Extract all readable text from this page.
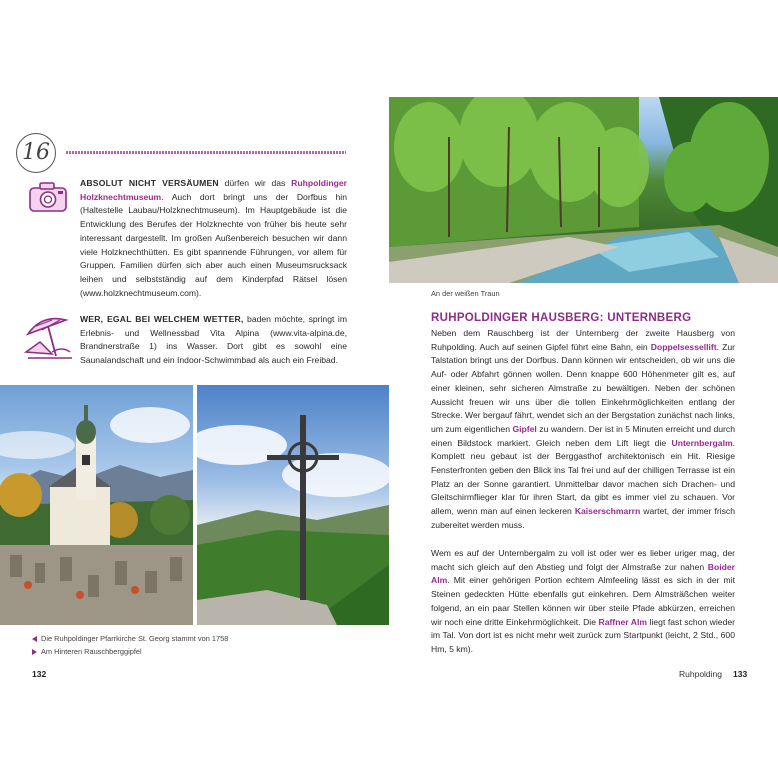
16

ABSOLUT NICHT VERSÄUMEN dürfen wir das Ruhpoldinger Holzknechtmuseum. Auch dort bringt uns der Dorfbus hin (Haltestelle Laubau/Holzknechtmuseum). Im Hauptgebäude ist die Entwicklung des Berufes der Holzknechte von früher bis heute sehr interessant dargestellt. Im großen Außenbereich besuchen wir dann viele Holzknechthütten. Es gibt spannende Führungen, vor allem für Gruppen. Familien dürfen sich aber auch einen Museumsrucksack leihen und selbstständig auf dem Kinderpfad Rätsel lösen (www.holzknechtmuseum.com).

WER, EGAL BEI WELCHEM WETTER, baden möchte, springt im Erlebnis- und Wellnessbad Vita Alpina (www.vita-alpina.de, Brandnerstraße 1) ins Wasser. Dort gibt es sowohl eine Saunalandschaft und ein Indoor-Schwimmbad als auch ein Freibad.

Die Ruhpoldinger Pfarrkirche St. Georg stammt von 1758
Am Hinteren Rauschberggipfel
132
An der weißen Traun
RUHPOLDINGER HAUSBERG: UNTERNBERG

Neben dem Rauschberg ist der Unternberg der zweite Hausberg von Ruhpolding. Auch auf seinen Gipfel führt eine Bahn, ein Doppelsessellift. Zur Talstation bringt uns der Dorfbus. Dann können wir entscheiden, ob wir uns die Auf- oder Abfahrt gönnen wollen. Denn knappe 600 Höhenmeter gilt es, auf einer kleinen, sehr sicheren Almstraße zu bewältigen. Neben der schönen Aussicht freuen wir uns über die tollen Einkehrmöglichkeiten entlang der Strecke. Wer bergauf fährt, wendet sich an der Bergstation zunächst nach links, um zum eigentlichen Gipfel zu wandern. Der ist in 5 Minuten erreicht und durch einen Bildstock markiert. Gleich neben dem Lift liegt die Unternbergalm. Komplett neu gebaut ist der Berggasthof architektonisch ein Hit. Riesige Fensterfronten geben den Blick ins Tal frei und auf der chilligen Terrasse ist ein Platz an der Sonne garantiert. Unmittelbar davor machen sich Drachen- und Gleitschirmflieger klar für ihren Start, da gibt es immer viel zu schauen. Vor allem, wenn man auf einen leckeren Kaiserschmarrn wartet, der immer frisch zubereitet werden muss.

Wem es auf der Unternbergalm zu voll ist oder wer es lieber uriger mag, der macht sich gleich auf den Abstieg und folgt der Almstraße zur nahen Boider Alm. Mit einer gehörigen Portion echtem Almfeeling lässt es sich in der mit Steinen gedeckten Hütte ebenfalls gut einkehren. Dem Almsträßchen weiter folgend, an ein paar Stellen können wir über steile Pfade abkürzen, erreichen wir noch eine dritte Einkehrmöglichkeit. Die Raffner Alm liegt fast schon wieder im Tal. Von dort ist es nicht mehr weit zurück zum Startpunkt (leicht, 2 Std., 600 Hm, 5 km).

Ruhpolding 133
